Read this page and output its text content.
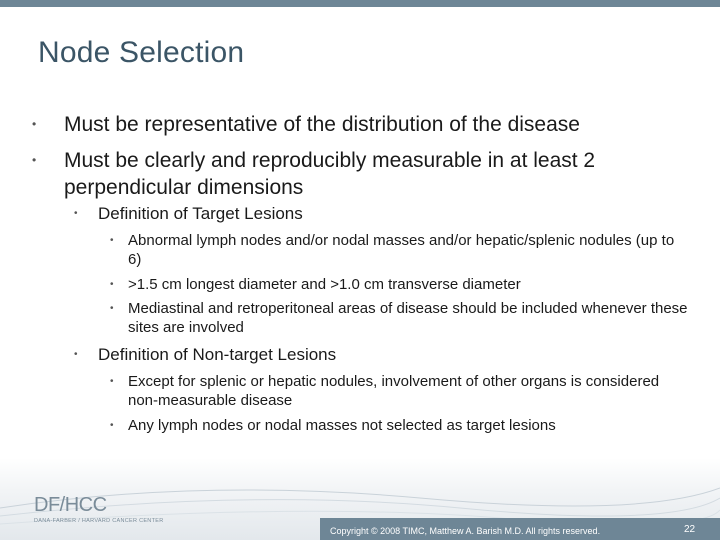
Node Selection
• Must be representative of the distribution of the disease
• Must be clearly and reproducibly measurable in at least 2 perpendicular dimensions
• Definition of Target Lesions
• Abnormal lymph nodes and/or nodal masses and/or hepatic/splenic nodules (up to 6)
• >1.5 cm longest diameter and >1.0 cm transverse diameter
• Mediastinal and retroperitoneal areas of disease should be included whenever these sites are involved
• Definition of Non-target Lesions
• Except for splenic or hepatic nodules, involvement of other organs is considered non-measurable disease
• Any lymph nodes or nodal masses not selected as target lesions
DF/HCC
DANA-FARBER / HARVARD CANCER CENTER
Copyright © 2008 TIMC, Matthew A. Barish M.D. All rights reserved.	22
